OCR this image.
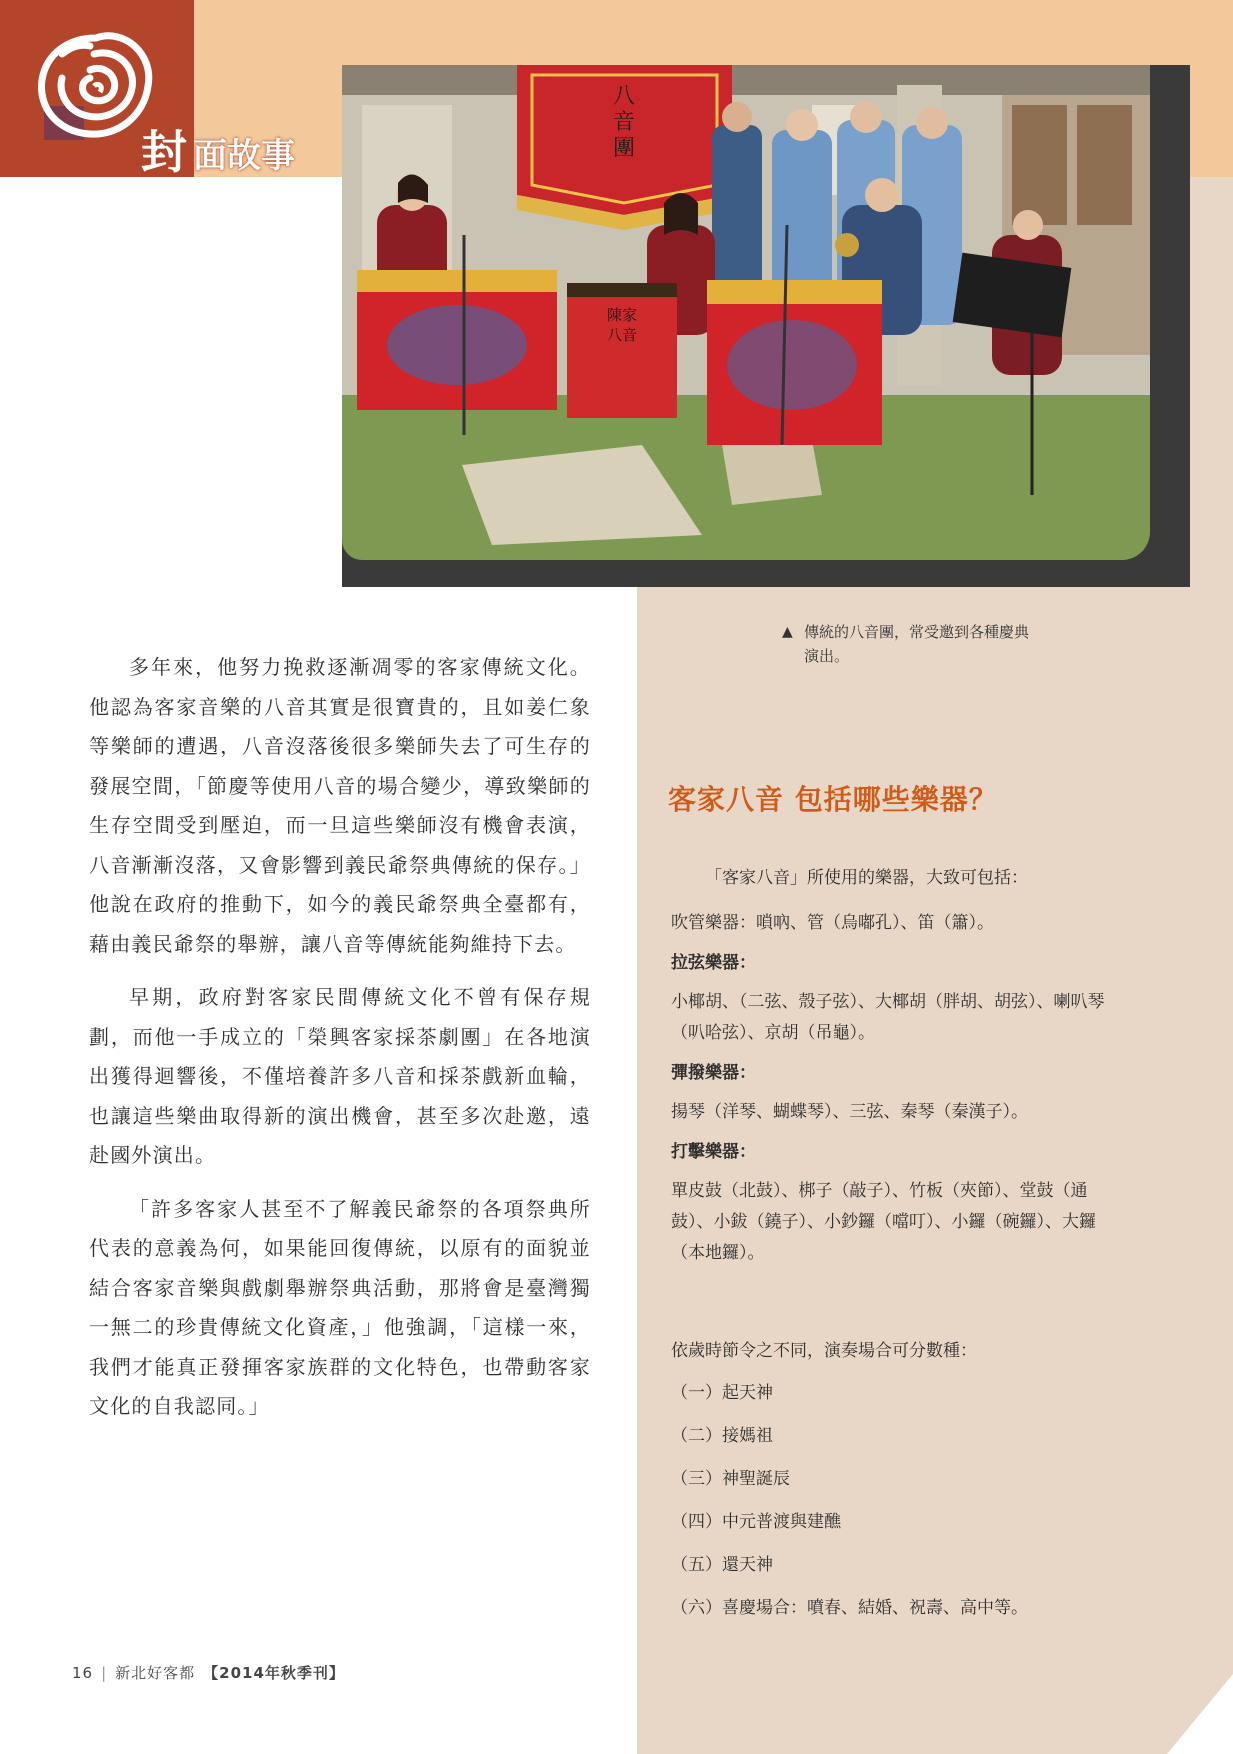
封 面故事
八
音
團
陳家
八音
▲ 傳統的八音團，常受邀到各種慶典演出。

多年來，他努力挽救逐漸凋零的客家傳統文化。他認為客家音樂的八音其實是很寶貴的，且如姜仁象等樂師的遭遇，八音沒落後很多樂師失去了可生存的發展空間，「節慶等使用八音的場合變少，導致樂師的生存空間受到壓迫，而一旦這些樂師沒有機會表演，八音漸漸沒落，又會影響到義民爺祭典傳統的保存。」他說在政府的推動下，如今的義民爺祭典全臺都有，藉由義民爺祭的舉辦，讓八音等傳統能夠維持下去。

早期，政府對客家民間傳統文化不曾有保存規劃，而他一手成立的「榮興客家採茶劇團」在各地演出獲得迴響後，不僅培養許多八音和採茶戲新血輪，也讓這些樂曲取得新的演出機會，甚至多次赴邀，遠赴國外演出。

「許多客家人甚至不了解義民爺祭的各項祭典所代表的意義為何，如果能回復傳統，以原有的面貌並結合客家音樂與戲劇舉辦祭典活動，那將會是臺灣獨一無二的珍貴傳統文化資產，」他強調，「這樣一來，我們才能真正發揮客家族群的文化特色，也帶動客家文化的自我認同。」

客家八音 包括哪些樂器？
「客家八音」所使用的樂器，大致可包括：
吹管樂器：嗩吶、管（烏嘟孔）、笛（簫）。
拉弦樂器：
小椰胡、（二弦、殼子弦）、大椰胡（胖胡、胡弦）、喇叭琴（叭哈弦）、京胡（吊龜）。
彈撥樂器：
揚琴（洋琴、蝴蝶琴）、三弦、秦琴（秦漢子）。
打擊樂器：
單皮鼓（北鼓）、梆子（敲子）、竹板（夾節）、堂鼓（通鼓）、小鈸（鐃子）、小鈔鑼（噹叮）、小鑼（碗鑼）、大鑼（本地鑼）。
依歲時節令之不同，演奏場合可分數種：
（一）起天神
（二）接媽祖
（三）神聖誕辰
（四）中元普渡與建醮
（五）還天神
（六）喜慶場合：噴春、結婚、祝壽、高中等。
16 | 新北好客都 【2014年秋季刊】
